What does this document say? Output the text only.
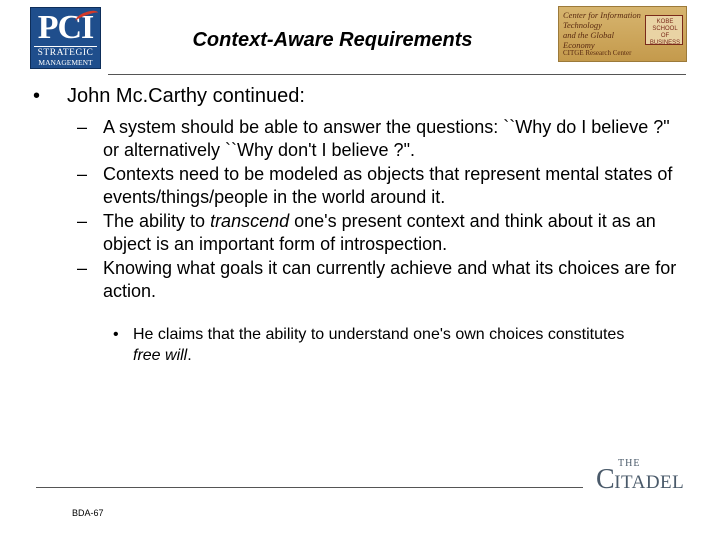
PCI
STRATEGIC
MANAGEMENT
Context-Aware Requirements
Center for Information Technology
and the Global Economy
CITGE Research Center
KOBE SCHOOL OF BUSINESS
• John Mc.Carthy continued:
– A system should be able to answer the questions: ``Why do I believe ?" or alternatively ``Why don't I believe ?".
– Contexts need to be modeled as objects that represent mental states of events/things/people in the world around it.
– The ability to transcend one's present context and think about it as an object is an important form of introspection.
– Knowing what goals it can currently achieve and what its choices are for action.
• He claims that the ability to understand one's own choices constitutes free will.
BDA-67
THE
CITADEL
